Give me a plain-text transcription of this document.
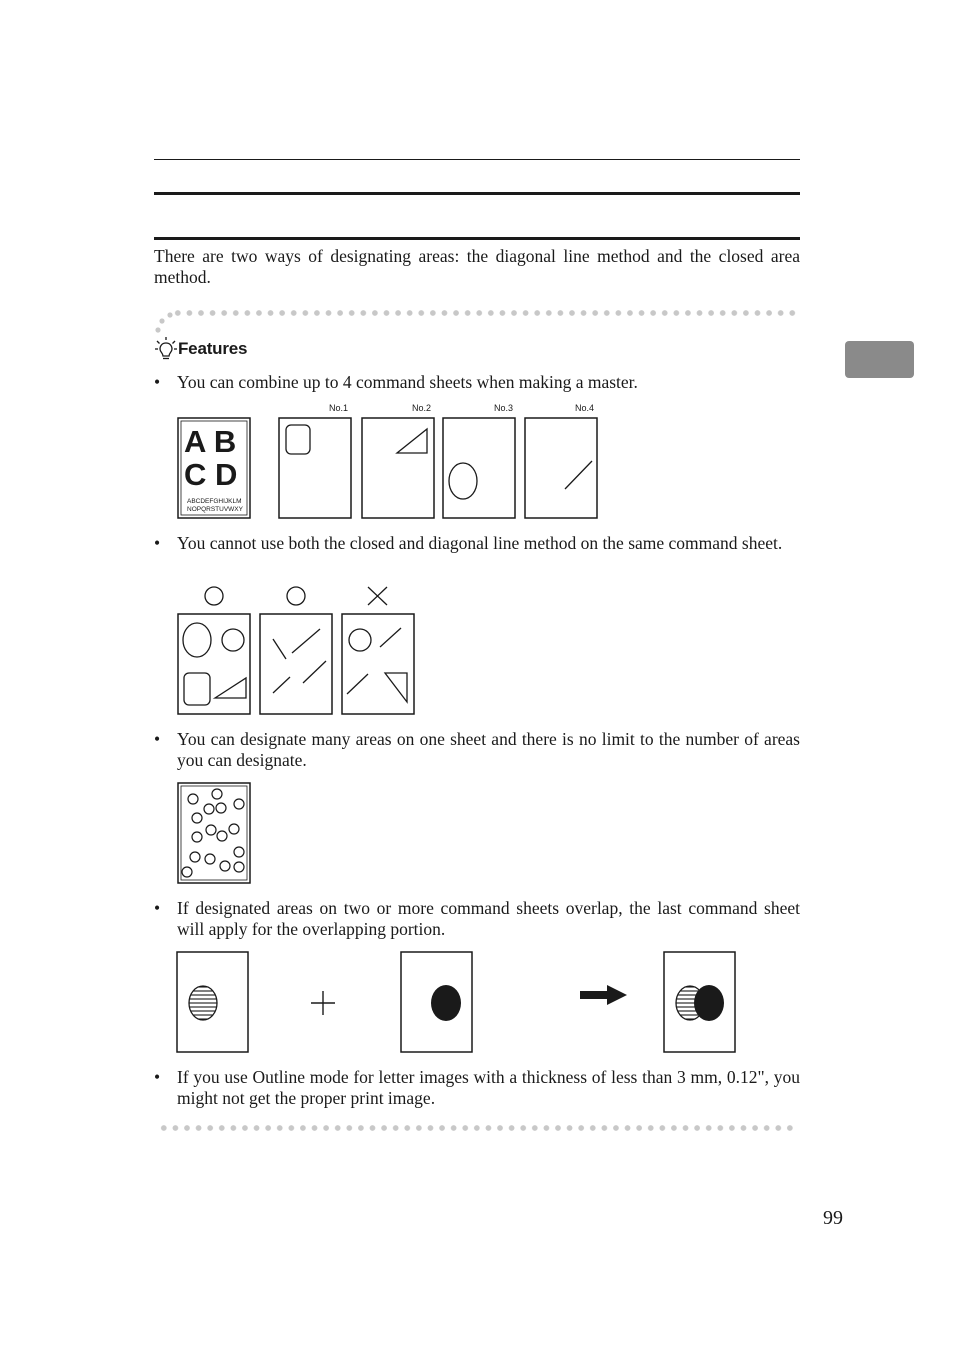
There are two ways of designating areas: the diagonal line method and the closed area method.
Features
• You can combine up to 4 command sheets when making a master.
No.1	No.2	No.3	No.4
A B
C D
ABCDEFGHIJKLM
NOPQRSTUVWXY
• You cannot use both the closed and diagonal line method on the same command sheet.
• You can designate many areas on one sheet and there is no limit to the number of areas you can designate.
• If designated areas on two or more command sheets overlap, the last command sheet will apply for the overlapping portion.
• If you use Outline mode for letter images with a thickness of less than 3 mm, 0.12", you might not get the proper print image.
99
